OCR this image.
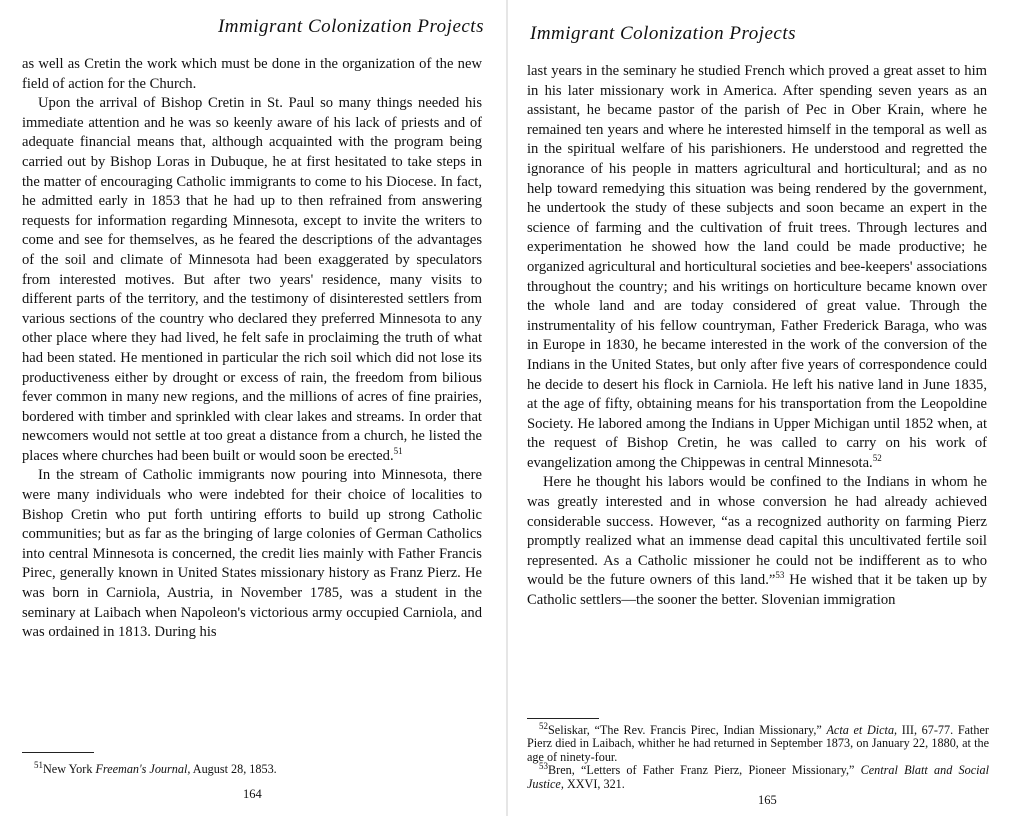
Immigrant Colonization Projects

as well as Cretin the work which must be done in the organization of the new field of action for the Church.

Upon the arrival of Bishop Cretin in St. Paul so many things needed his immediate attention and he was so keenly aware of his lack of priests and of adequate financial means that, although acquainted with the program being carried out by Bishop Loras in Dubuque, he at first hesitated to take steps in the matter of encouraging Catholic immigrants to come to his Diocese. In fact, he admitted early in 1853 that he had up to then refrained from answering requests for information regarding Minnesota, except to invite the writers to come and see for themselves, as he feared the descriptions of the advantages of the soil and climate of Minnesota had been exaggerated by speculators from interested motives. But after two years' residence, many visits to different parts of the territory, and the testimony of disinterested settlers from various sections of the country who declared they preferred Minnesota to any other place where they had lived, he felt safe in proclaiming the truth of what had been stated. He mentioned in particular the rich soil which did not lose its productiveness either by drought or excess of rain, the freedom from bilious fever common in many new regions, and the millions of acres of fine prairies, bordered with timber and sprinkled with clear lakes and streams. In order that newcomers would not settle at too great a distance from a church, he listed the places where churches had been built or would soon be erected.$^{51}$

In the stream of Catholic immigrants now pouring into Minnesota, there were many individuals who were indebted for their choice of localities to Bishop Cretin who put forth untiring efforts to build up strong Catholic communities; but as far as the bringing of large colonies of German Catholics into central Minnesota is concerned, the credit lies mainly with Father Francis Pirec, generally known in United States missionary history as Franz Pierz. He was born in Carniola, Austria, in November 1785, was a student in the seminary at Laibach when Napoleon's victorious army occupied Carniola, and was ordained in 1813. During his

$^{51}$New York Freeman's Journal, August 28, 1853.

164
Immigrant Colonization Projects

last years in the seminary he studied French which proved a great asset to him in his later missionary work in America. After spending seven years as an assistant, he became pastor of the parish of Pec in Ober Krain, where he remained ten years and where he interested himself in the temporal as well as in the spiritual welfare of his parishioners. He understood and regretted the ignorance of his people in matters agricultural and horticultural; and as no help toward remedying this situation was being rendered by the government, he undertook the study of these subjects and soon became an expert in the science of farming and the cultivation of fruit trees. Through lectures and experimentation he showed how the land could be made productive; he organized agricultural and horticultural societies and bee-keepers' associations throughout the country; and his writings on horticulture became known over the whole land and are today considered of great value. Through the instrumentality of his fellow countryman, Father Frederick Baraga, who was in Europe in 1830, he became interested in the work of the conversion of the Indians in the United States, but only after five years of correspondence could he decide to desert his flock in Carniola. He left his native land in June 1835, at the age of fifty, obtaining means for his transportation from the Leopoldine Society. He labored among the Indians in Upper Michigan until 1852 when, at the request of Bishop Cretin, he was called to carry on his work of evangelization among the Chippewas in central Minnesota.$^{52}$

Here he thought his labors would be confined to the Indians in whom he was greatly interested and in whose conversion he had already achieved considerable success. However, “as a recognized authority on farming Pierz promptly realized what an immense dead capital this uncultivated fertile soil represented. As a Catholic missioner he could not be indifferent as to who would be the future owners of this land.”$^{53}$ He wished that it be taken up by Catholic settlers—the sooner the better. Slovenian immigration

$^{52}$Seliskar, “The Rev. Francis Pirec, Indian Missionary,” Acta et Dicta, III, 67-77. Father Pierz died in Laibach, whither he had returned in September 1873, on January 22, 1880, at the age of ninety-four.

$^{53}$Bren, “Letters of Father Franz Pierz, Pioneer Missionary,” Central Blatt and Social Justice, XXVI, 321.

165
